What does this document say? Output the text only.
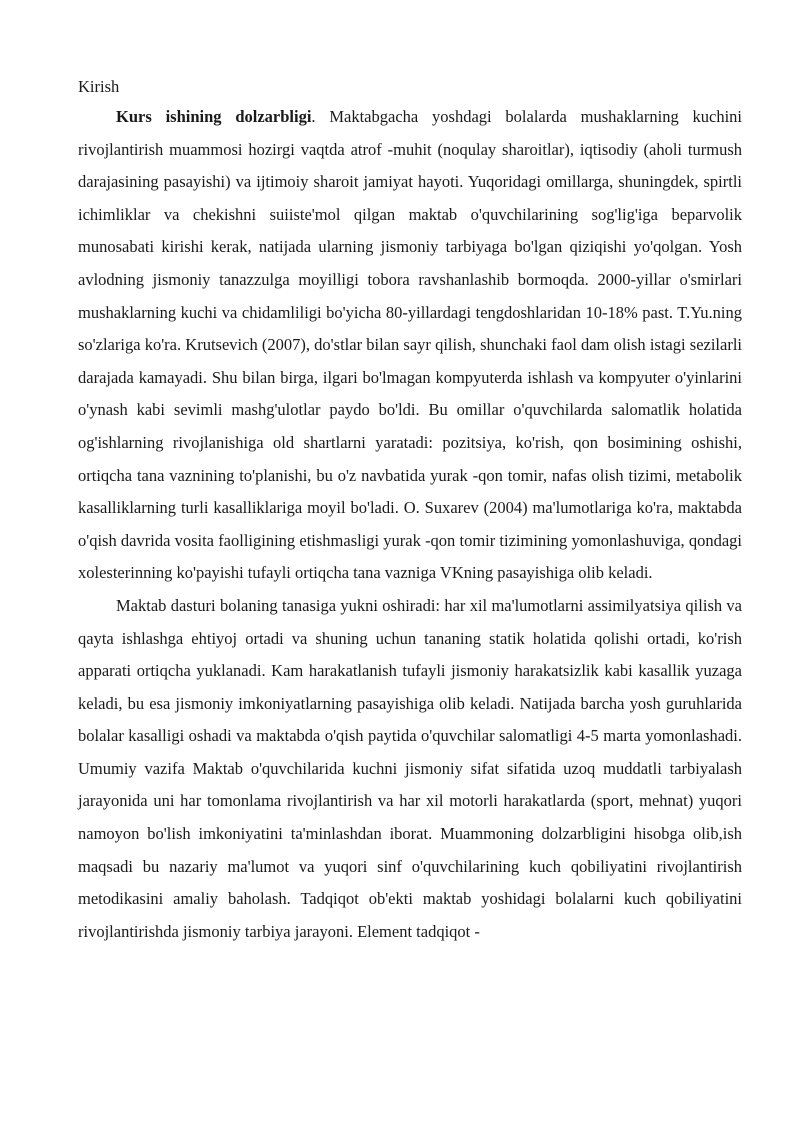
Kirish

Kurs ishining dolzarbligi. Maktabgacha yoshdagi bolalarda mushaklarning kuchini rivojlantirish muammosi hozirgi vaqtda atrof -muhit (noqulay sharoitlar), iqtisodiy (aholi turmush darajasining pasayishi) va ijtimoiy sharoit jamiyat hayoti. Yuqoridagi omillarga, shuningdek, spirtli ichimliklar va chekishni suiiste'mol qilgan maktab o'quvchilarining sog'lig'iga beparvolik munosabati kirishi kerak, natijada ularning jismoniy tarbiyaga bo'lgan qiziqishi yo'qolgan. Yosh avlodning jismoniy tanazzulga moyilligi tobora ravshanlashib bormoqda. 2000-yillar o'smirlari mushaklarning kuchi va chidamliligi bo'yicha 80-yillardagi tengdoshlaridan 10-18% past. T.Yu.ning so'zlariga ko'ra. Krutsevich (2007), do'stlar bilan sayr qilish, shunchaki faol dam olish istagi sezilarli darajada kamayadi. Shu bilan birga, ilgari bo'lmagan kompyuterda ishlash va kompyuter o'yinlarini o'ynash kabi sevimli mashg'ulotlar paydo bo'ldi. Bu omillar o'quvchilarda salomatlik holatida og'ishlarning rivojlanishiga old shartlarni yaratadi: pozitsiya, ko'rish, qon bosimining oshishi, ortiqcha tana vaznining to'planishi, bu o'z navbatida yurak -qon tomir, nafas olish tizimi, metabolik kasalliklarning turli kasalliklariga moyil bo'ladi. O. Suxarev (2004) ma'lumotlariga ko'ra, maktabda o'qish davrida vosita faolligining etishmasligi yurak -qon tomir tizimining yomonlashuviga, qondagi xolesterinning ko'payishi tufayli ortiqcha tana vazniga VKning pasayishiga olib keladi.

Maktab dasturi bolaning tanasiga yukni oshiradi: har xil ma'lumotlarni assimilyatsiya qilish va qayta ishlashga ehtiyoj ortadi va shuning uchun tananing statik holatida qolishi ortadi, ko'rish apparati ortiqcha yuklanadi. Kam harakatlanish tufayli jismoniy harakatsizlik kabi kasallik yuzaga keladi, bu esa jismoniy imkoniyatlarning pasayishiga olib keladi. Natijada barcha yosh guruhlarida bolalar kasalligi oshadi va maktabda o'qish paytida o'quvchilar salomatligi 4-5 marta yomonlashadi. Umumiy vazifa Maktab o'quvchilarida kuchni jismoniy sifat sifatida uzoq muddatli tarbiyalash jarayonida uni har tomonlama rivojlantirish va har xil motorli harakatlarda (sport, mehnat) yuqori namoyon bo'lish imkoniyatini ta'minlashdan iborat. Muammoning dolzarbligini hisobga olib,ish maqsadi bu nazariy ma'lumot va yuqori sinf o'quvchilarining kuch qobiliyatini rivojlantirish metodikasini amaliy baholash. Tadqiqot ob'ekti maktab yoshidagi bolalarni kuch qobiliyatini rivojlantirishda jismoniy tarbiya jarayoni. Element tadqiqot -
